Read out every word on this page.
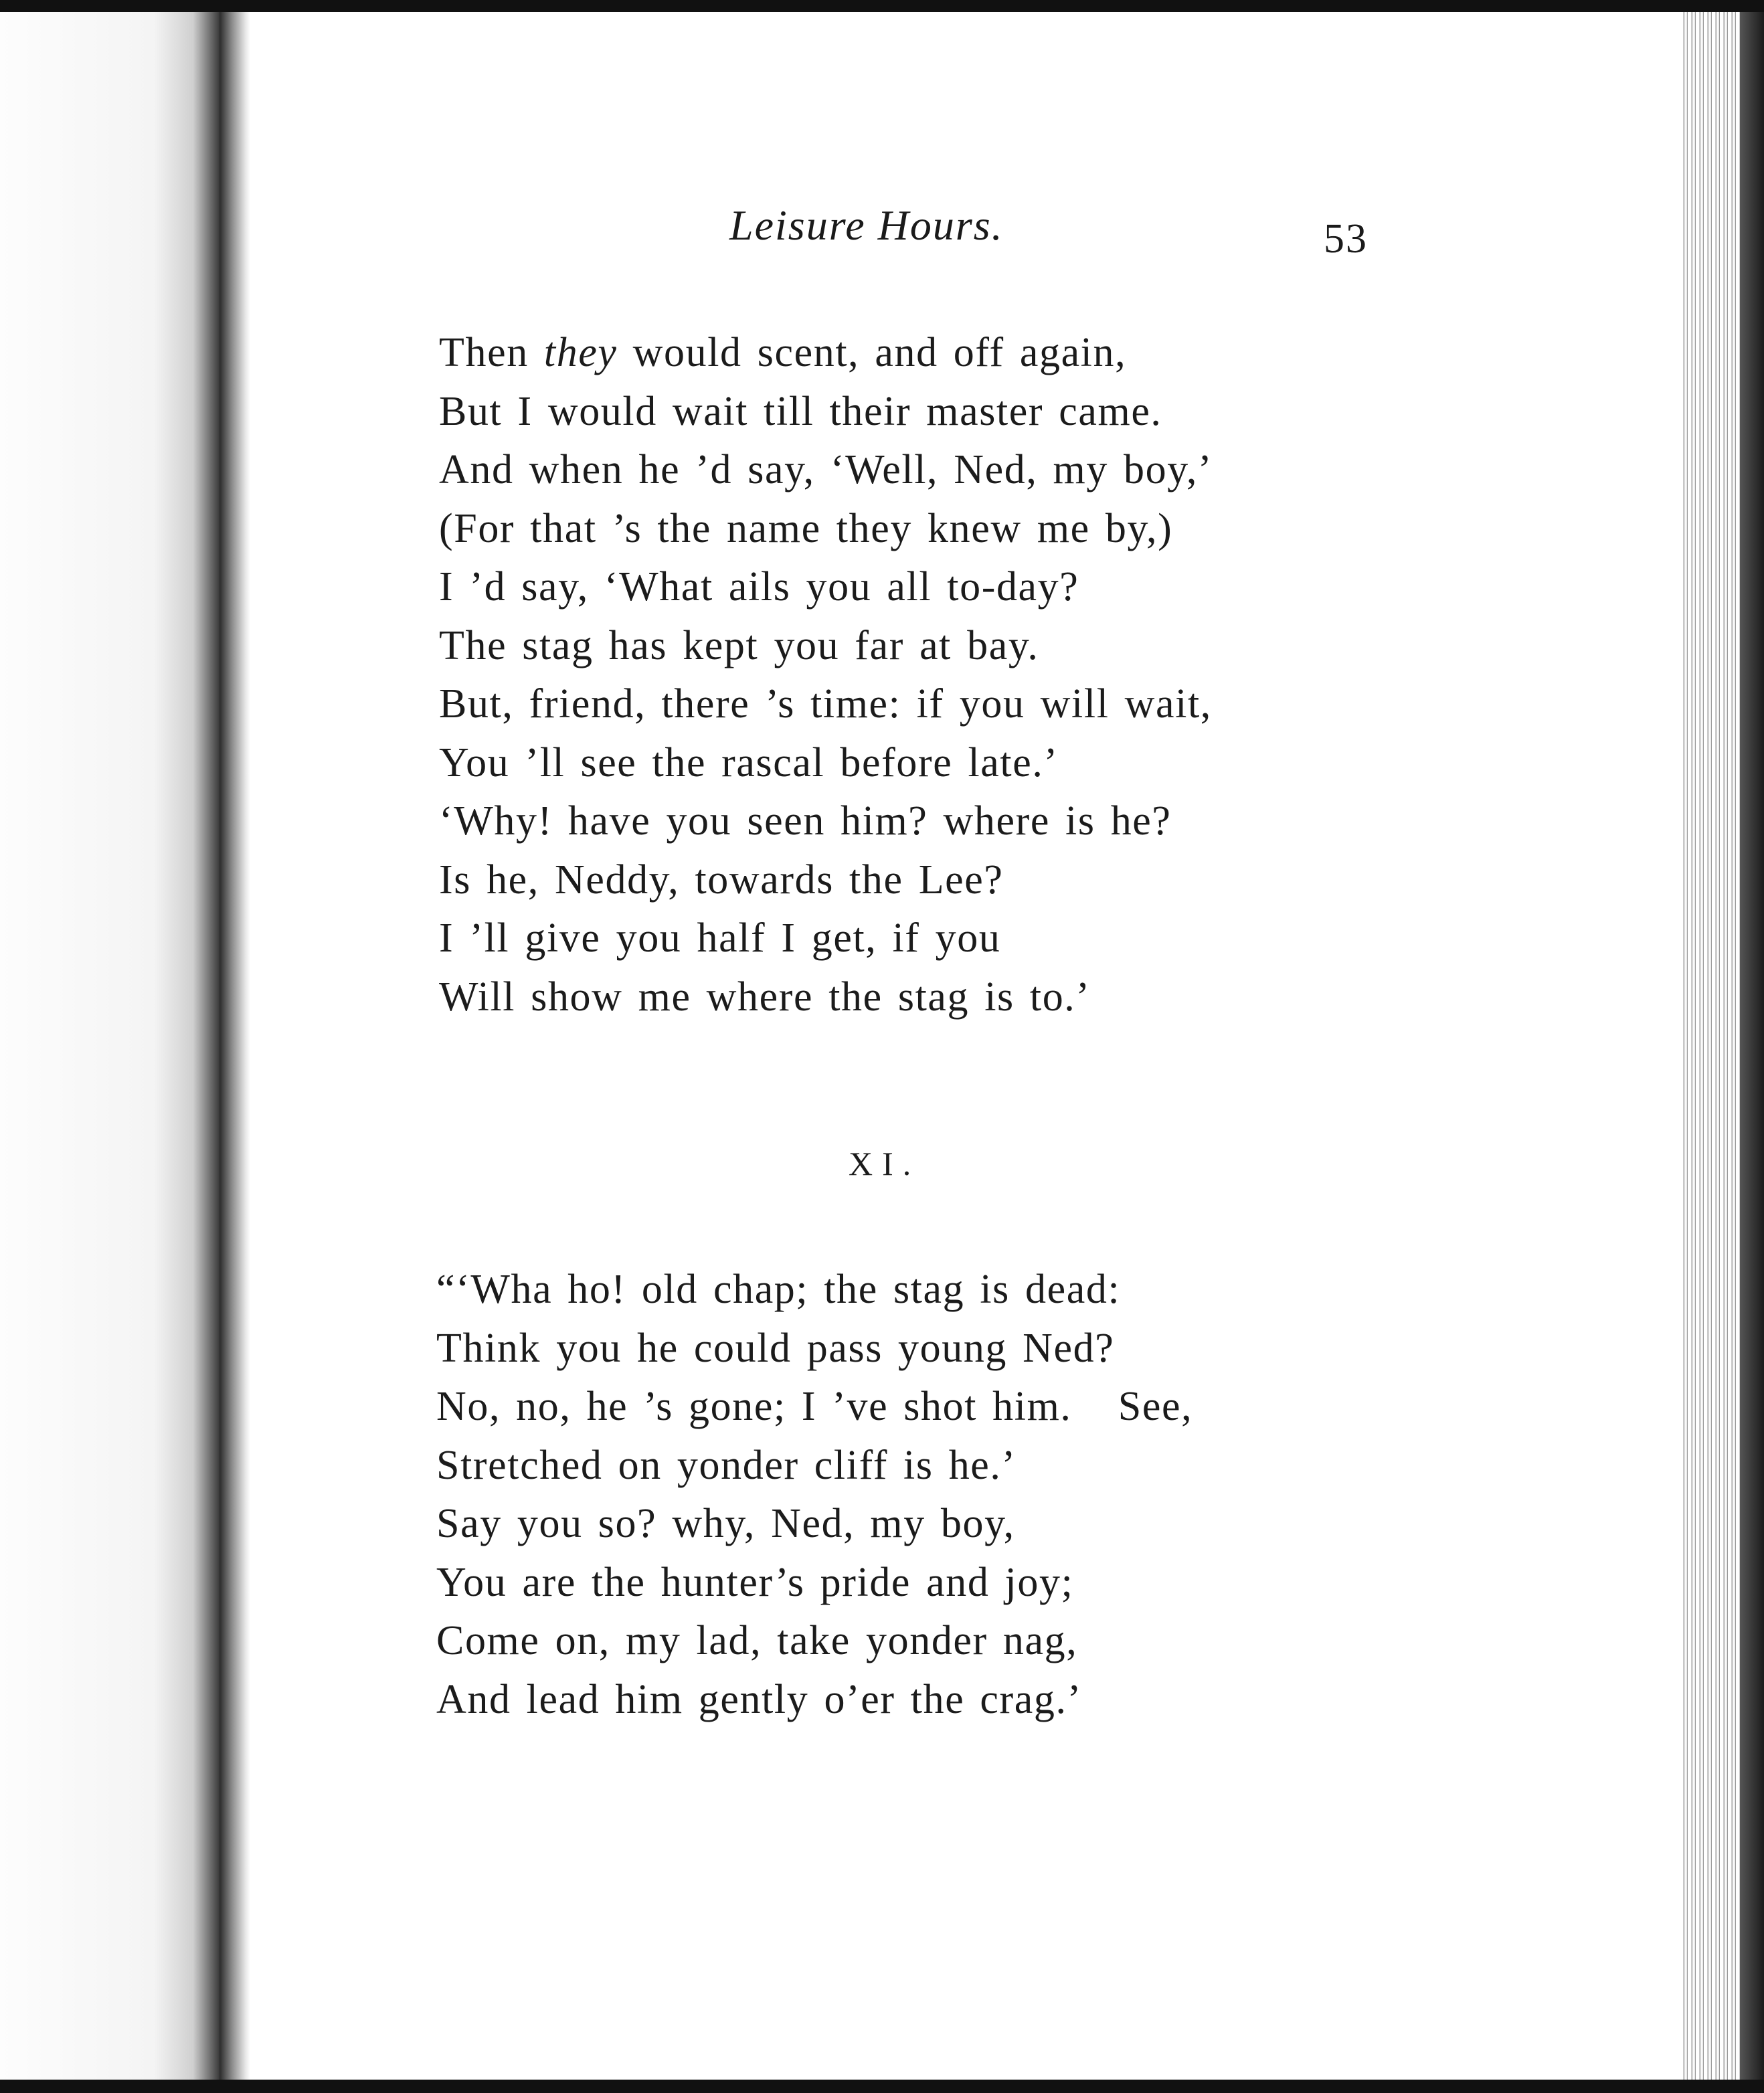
Leisure Hours.	53
Then they would scent, and off again,
But I would wait till their master came.
And when he ’d say, ‘Well, Ned, my boy,’
(For that ’s the name they knew me by,)
I ’d say, ‘What ails you all to-day?
The stag has kept you far at bay.
But, friend, there ’s time: if you will wait,
You ’ll see the rascal before late.’
‘Why! have you seen him? where is he?
Is he, Neddy, towards the Lee?
I ’ll give you half I get, if you
Will show me where the stag is to.’
XI.
“‘Wha ho! old chap; the stag is dead:
Think you he could pass young Ned?
No, no, he ’s gone; I ’ve shot him.   See,
Stretched on yonder cliff is he.’
Say you so? why, Ned, my boy,
You are the hunter’s pride and joy;
Come on, my lad, take yonder nag,
And lead him gently o’er the crag.’
